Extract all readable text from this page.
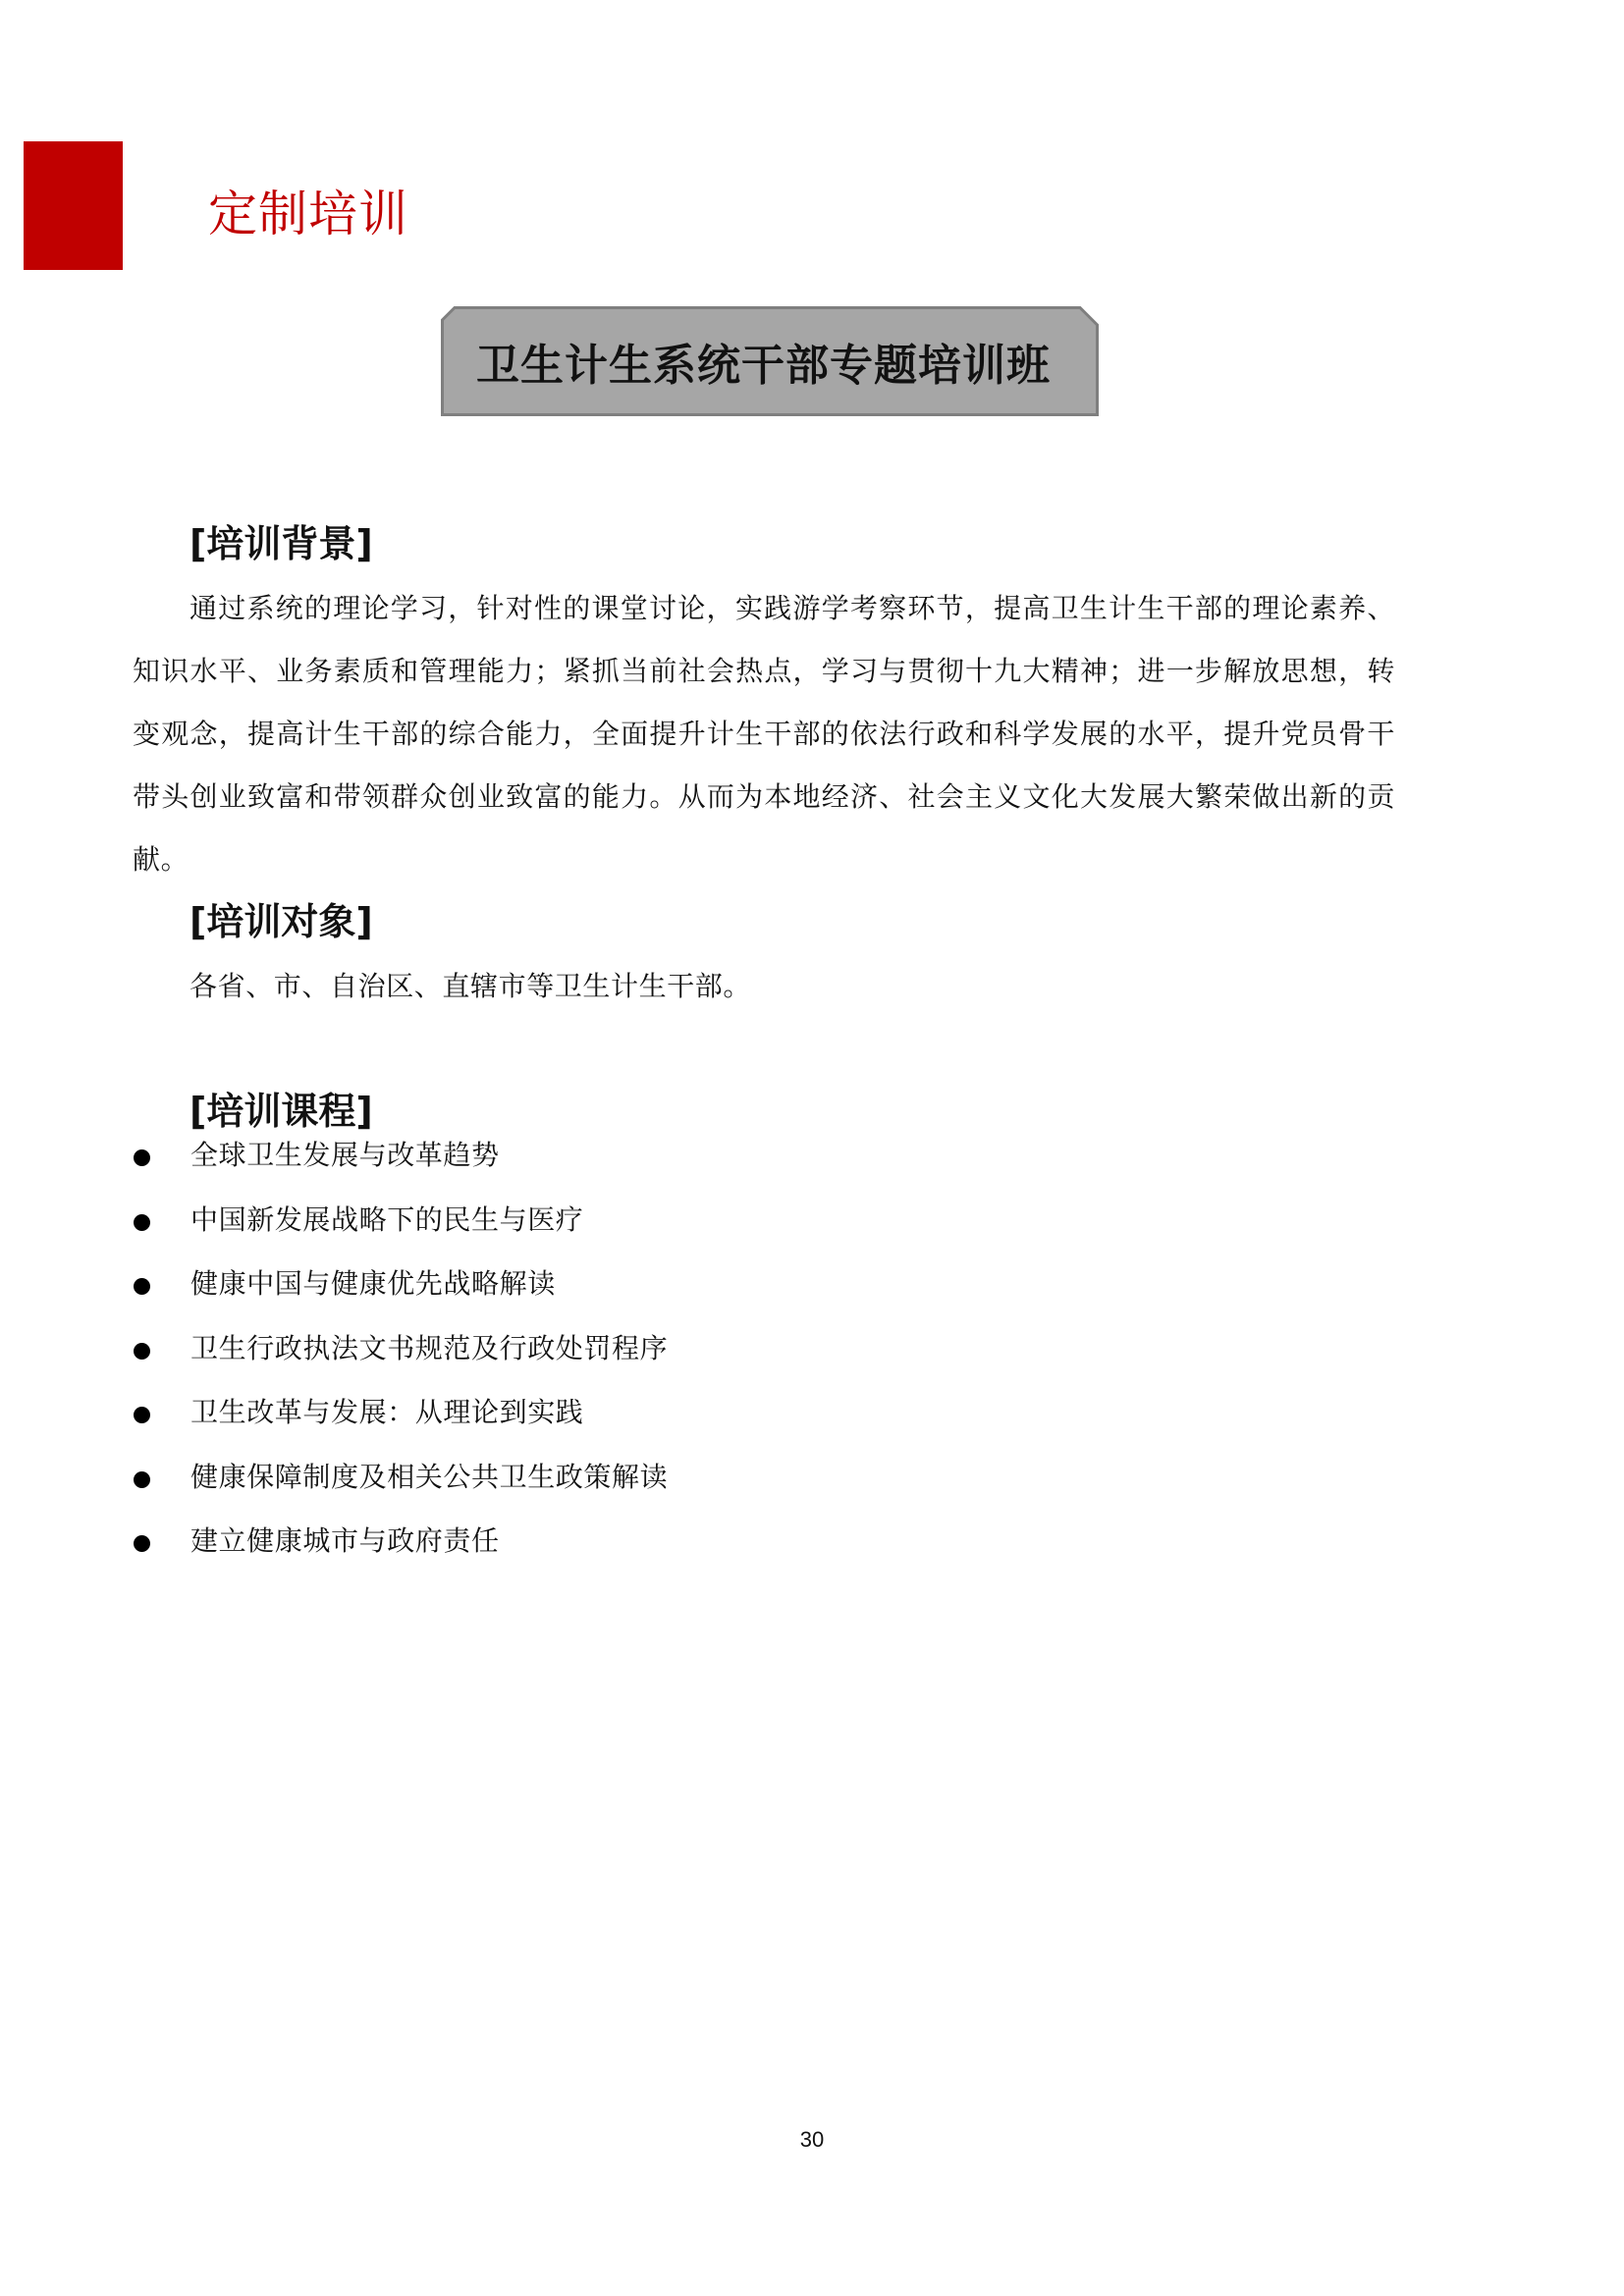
定制培训
卫生计生系统干部专题培训班
[培训背景]

通过系统的理论学习，针对性的课堂讨论，实践游学考察环节，提高卫生计生干部的理论素养、知识水平、业务素质和管理能力；紧抓当前社会热点，学习与贯彻十九大精神；进一步解放思想，转变观念，提高计生干部的综合能力，全面提升计生干部的依法行政和科学发展的水平，提升党员骨干带头创业致富和带领群众创业致富的能力。从而为本地经济、社会主义文化大发展大繁荣做出新的贡献。

[培训对象]
各省、市、自治区、直辖市等卫生计生干部。
[培训课程]
全球卫生发展与改革趋势
中国新发展战略下的民生与医疗
健康中国与健康优先战略解读
卫生行政执法文书规范及行政处罚程序
卫生改革与发展：从理论到实践
健康保障制度及相关公共卫生政策解读
建立健康城市与政府责任
30
